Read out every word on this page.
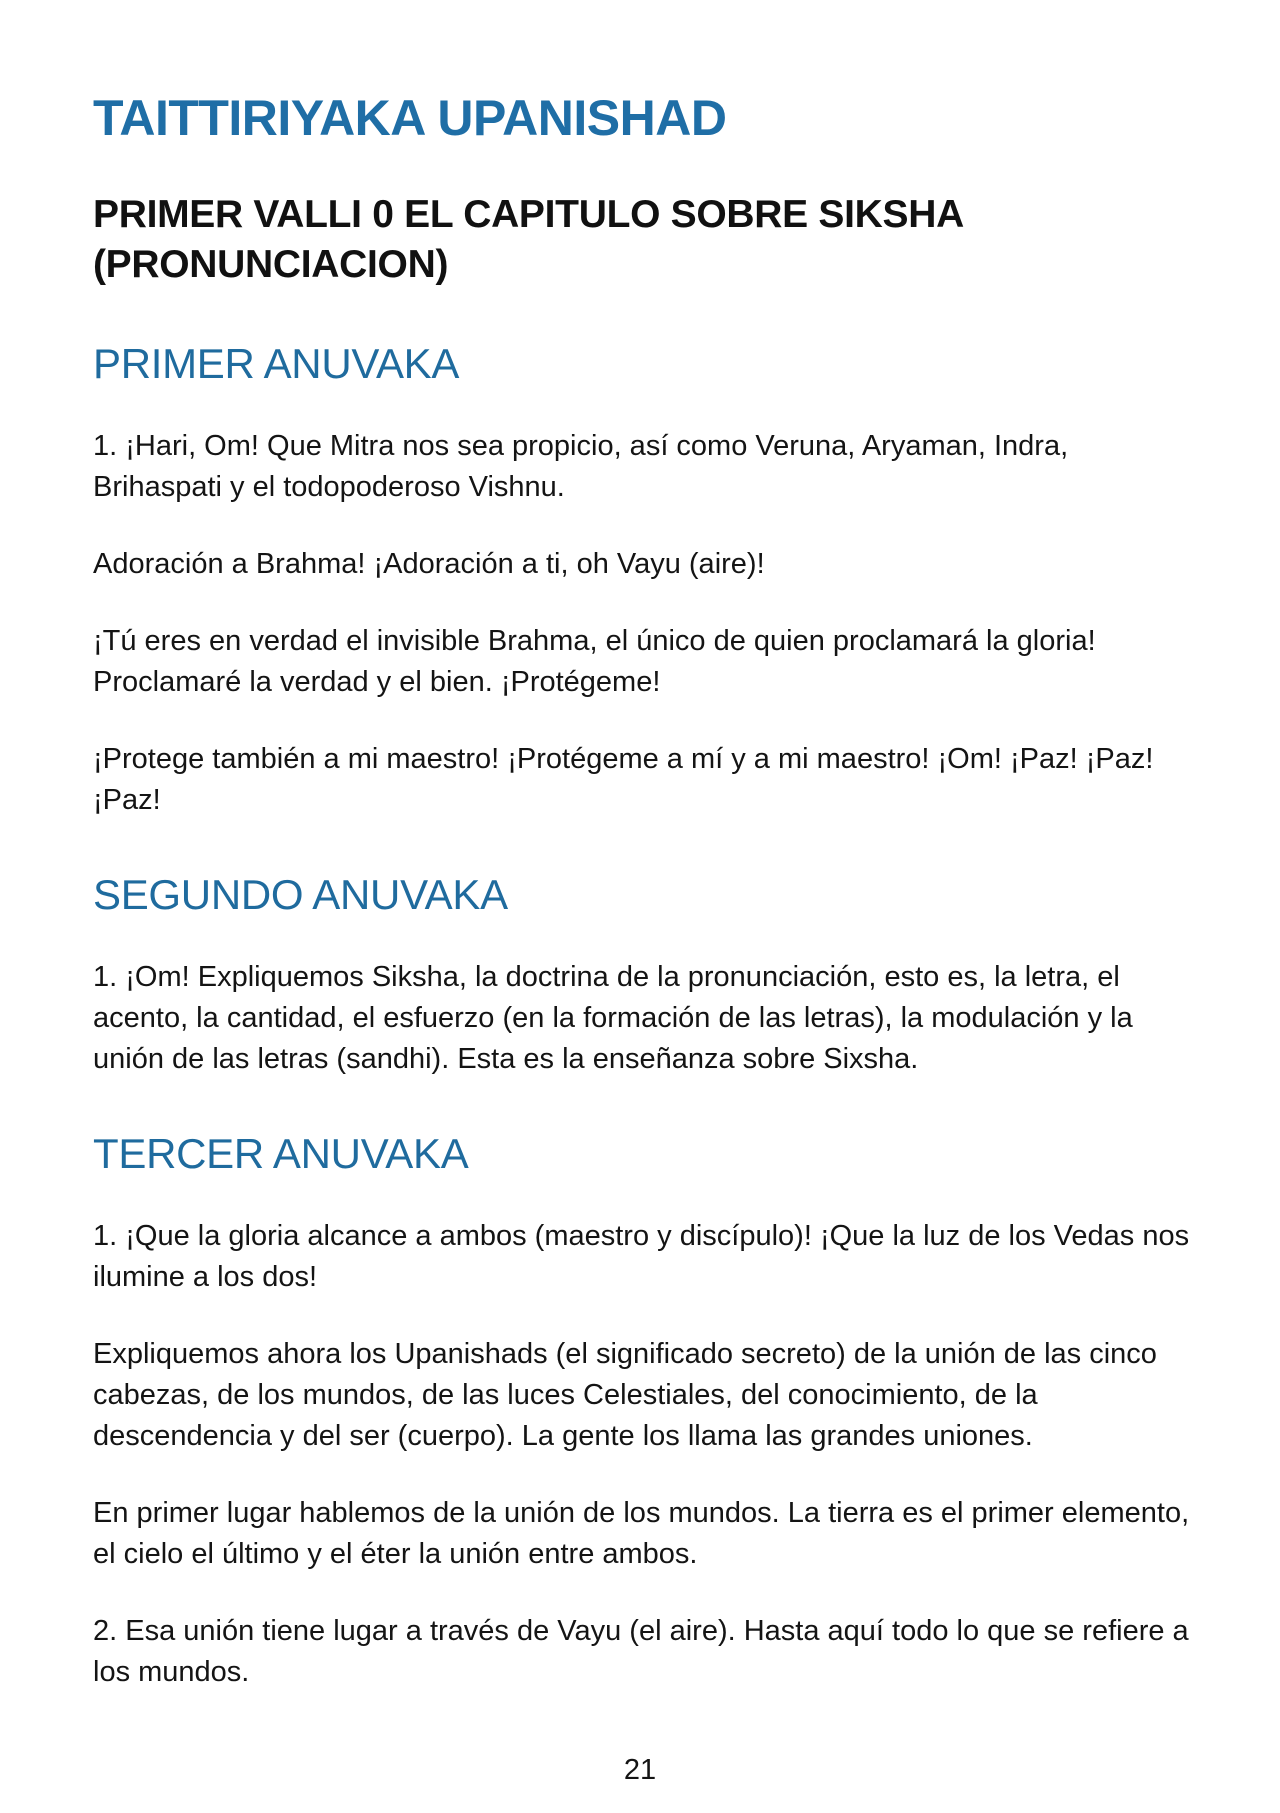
TAITTIRIYAKA UPANISHAD
PRIMER VALLI 0 EL CAPITULO SOBRE SIKSHA (PRONUNCIACION)
PRIMER ANUVAKA

1. ¡Hari, Om! Que Mitra nos sea propicio, así como Veruna, Aryaman, Indra, Brihaspati y el todopoderoso Vishnu.

Adoración a Brahma! ¡Adoración a ti, oh Vayu (aire)!

¡Tú eres en verdad el invisible Brahma, el único de quien proclamará la gloria! Proclamaré la verdad y el bien. ¡Protégeme!

¡Protege también a mi maestro! ¡Protégeme a mí y a mi maestro! ¡Om! ¡Paz! ¡Paz! ¡Paz!

SEGUNDO ANUVAKA

1. ¡Om! Expliquemos Siksha, la doctrina de la pronunciación, esto es, la letra, el acento, la cantidad, el esfuerzo (en la formación de las letras), la modulación y la unión de las letras (sandhi). Esta es la enseñanza sobre Sixsha.

TERCER ANUVAKA

1. ¡Que la gloria alcance a ambos (maestro y discípulo)! ¡Que la luz de los Vedas nos ilumine a los dos!

Expliquemos ahora los Upanishads (el significado secreto) de la unión de las cinco cabezas, de los mundos, de las luces Celestiales, del conocimiento, de la descendencia y del ser (cuerpo). La gente los llama las grandes uniones.

En primer lugar hablemos de la unión de los mundos. La tierra es el primer elemento, el cielo el último y el éter la unión entre ambos.

2. Esa unión tiene lugar a través de Vayu (el aire). Hasta aquí todo lo que se refiere a los mundos.

21
